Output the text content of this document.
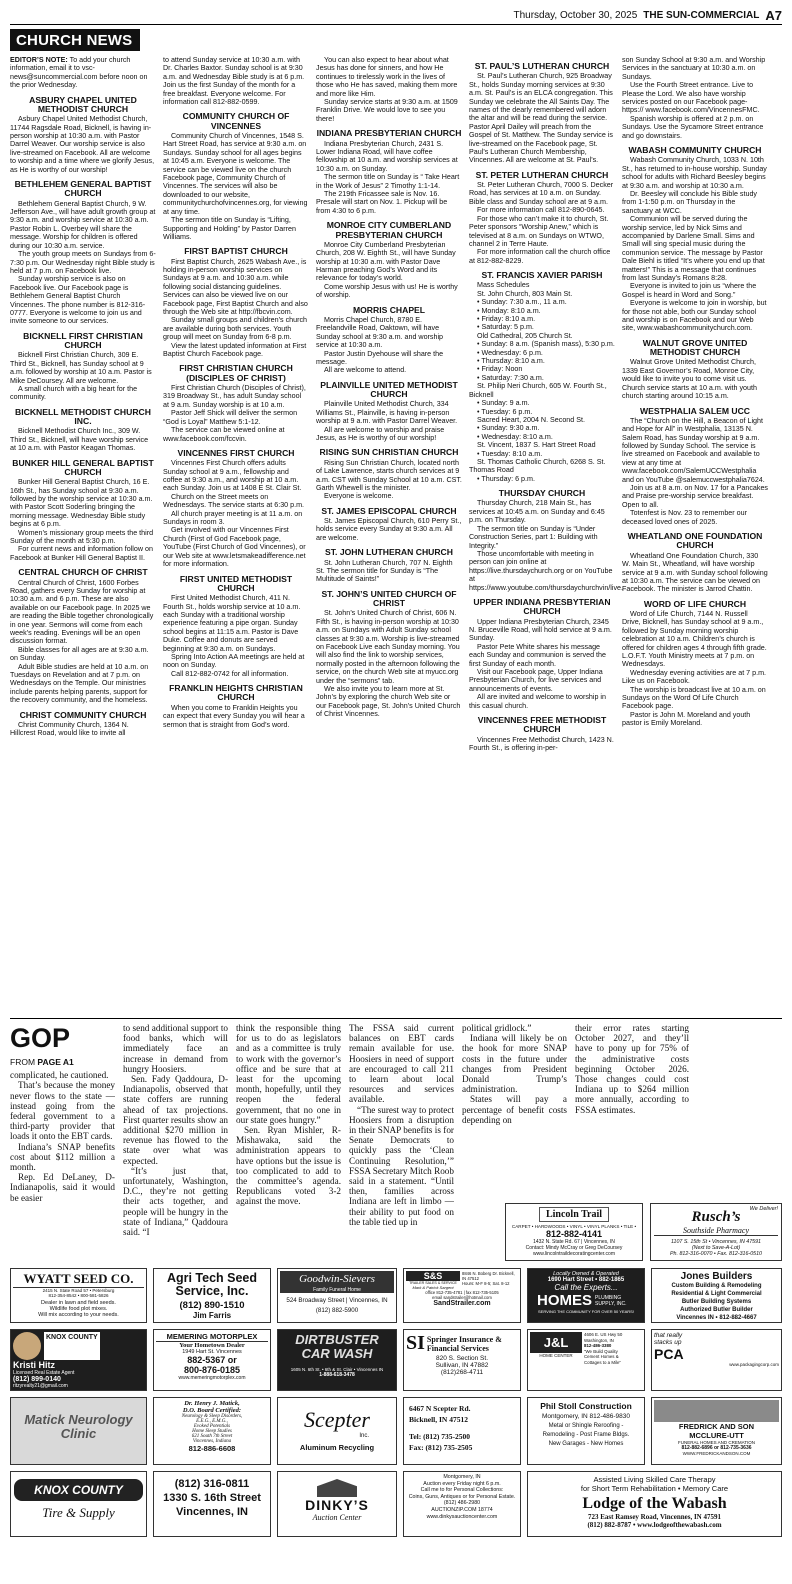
Thursday, October 30, 2025 THE SUN-COMMERCIAL A7
CHURCH NEWS

EDITOR’S NOTE: To add your church information, email it to vsc-news@suncommercial.com before noon on the prior Wednesday.

ASBURY CHAPEL UNITED METHODIST CHURCH

Asbury Chapel United Methodist Church, 11744 Ragsdale Road, Bicknell, is having in-person worship at 10:30 a.m. with Pastor Darrel Weaver. Our worship service is also live-streamed on Facebook. All are welcome to worship and a time where we glorify Jesus, as He is worthy of our worship!

BETHLEHEM GENERAL BAPTIST CHURCH

Bethlehem General Baptist Church, 9 W. Jefferson Ave., will have adult growth group at 9:30 a.m. and worship service at 10:30 a.m. Pastor Robin L. Overbey will share the message. Worship for children is offered during our 10:30 a.m. service.

The youth group meets on Sundays from 6-7:30 p.m. Our Wednesday night Bible study is held at 7 p.m. on Facebook live.

Sunday worship service is also on Facebook live. Our Facebook page is Bethlehem General Baptist Church Vincennes. The phone number is 812-316-0777. Everyone is welcome to join us and invite someone to our services.

BICKNELL FIRST CHRISTIAN CHURCH

Bicknell First Christian Church, 309 E. Third St., Bicknell, has Sunday school at 9 a.m. followed by worship at 10 a.m. Pastor is Mike DeCoursey. All are welcome.

A small church with a big heart for the community.

BICKNELL METHODIST CHURCH INC.

Bicknell Methodist Church Inc., 309 W. Third St., Bicknell, will have worship service at 10 a.m. with Pastor Keagan Thomas.

BUNKER HILL GENERAL BAPTIST CHURCH

Bunker Hill General Baptist Church, 16 E. 16th St., has Sunday school at 9:30 a.m. followed by the worship service at 10:30 a.m. with Pastor Scott Soderling bringing the morning message. Wednesday Bible study begins at 6 p.m.

Women’s missionary group meets the third Sunday of the month at 5:30 p.m.

For current news and information follow on Facebook at Bunker Hill General Baptist II.

CENTRAL CHURCH OF CHRIST

Central Church of Christ, 1600 Forbes Road, gathers every Sunday for worship at 10:30 a.m. and 6 p.m. These are also available on our Facebook page. In 2025 we are reading the Bible together chronologically in one year. Sermons will come from each week’s reading. Evenings will be an open discussion format.

Bible classes for all ages are at 9:30 a.m. on Sunday.

Adult Bible studies are held at 10 a.m. on Tuesdays on Revelation and at 7 p.m. on Wednesdays on the Temple. Our ministries include parents helping parents, support for the recovery community, and the homeless.

CHRIST COMMUNITY CHURCH

Christ Community Church, 1364 N. Hillcrest Road, would like to invite all

to attend Sunday service at 10:30 a.m. with Dr. Charles Baxtor. Sunday school is at 9:30 a.m. and Wednesday Bible study is at 6 p.m. Join us the first Sunday of the month for a free breakfast. Everyone welcome. For information call 812-882-0599.

COMMUNITY CHURCH OF VINCENNES

Community Church of Vincennes, 1548 S. Hart Street Road, has service at 9:30 a.m. on Sundays. Sunday school for all ages begins at 10:45 a.m. Everyone is welcome. The service can be viewed live on the church Facebook page, Community Church of Vincennes. The services will also be downloaded to our website, communitychurchofvincennes.org, for viewing at any time.

The sermon title on Sunday is “Lifting, Supporting and Holding” by Pastor Darren Williams.

FIRST BAPTIST CHURCH

First Baptist Church, 2625 Wabash Ave., is holding in-person worship services on Sundays at 9 a.m. and 10:30 a.m. while following social distancing guidelines. Services can also be viewed live on our Facebook page, First Baptist Church and also through the Web site at http://fbcvin.com.

Sunday small groups and children’s church are available during both services. Youth group will meet on Sunday from 6-8 p.m.

View the latest updated information at First Baptist Church Facebook page.

FIRST CHRISTIAN CHURCH (DISCIPLES OF CHRIST)

First Christian Church (Disciples of Christ), 319 Broadway St., has adult Sunday school at 9 a.m. Sunday worship is at 10 a.m.

Pastor Jeff Shick will deliver the sermon “God is Loyal” Matthew 5:1-12.

The service can be viewed online at www.facebook.com/fccvin.

VINCENNES FIRST CHURCH

Vincennes First Church offers adults Sunday school at 9 a.m., fellowship and coffee at 9:30 a.m., and worship at 10 a.m. each Sunday. Join us at 1408 E St. Clair St.

Church on the Street meets on Wednesdays. The service starts at 6:30 p.m.

All church prayer meeting is at 11 a.m. on Sundays in room 3.

Get involved with our Vincennes First Church (First of God Facebook page, YouTube (First Church of God Vincennes), or our Web site at www.letsmakeadifference.net for more information.

FIRST UNITED METHODIST CHURCH

First United Methodist Church, 411 N. Fourth St., holds worship service at 10 a.m. each Sunday with a traditional worship experience featuring a pipe organ. Sunday school begins at 11:15 a.m. Pastor is Dave Duke. Coffee and donuts are served beginning at 9:30 a.m. on Sundays.

Spring Into Action AA meetings are held at noon on Sunday.

Call 812-882-0742 for all information.

FRANKLIN HEIGHTS CHRISTIAN CHURCH

When you come to Franklin Heights you can expect that every Sunday you will hear a sermon that is straight from God’s word.

You can also expect to hear about what Jesus has done for sinners, and how He continues to tirelessly work in the lives of those who He has saved, making them more and more like Him.

Sunday service starts at 9:30 a.m. at 1509 Franklin Drive. We would love to see you there!

INDIANA PRESBYTERIAN CHURCH

Indiana Presbyterian Church, 2431 S. Lower Indiana Road, will have coffee fellowship at 10 a.m. and worship services at 10:30 a.m. on Sunday.

The sermon title on Sunday is “ Take Heart in the Work of Jesus” 2 Timothy 1:1-14.

The 219th Fricassee sale is Nov. 16. Presale will start on Nov. 1. Pickup will be from 4:30 to 6 p.m.

MONROE CITY CUMBERLAND PRESBYTERIAN CHURCH

Monroe City Cumberland Presbyterian Church, 208 W. Eighth St., will have Sunday worship at 10:30 a.m. with Pastor Dave Harman preaching God’s Word and its relevance for today’s world.

Come worship Jesus with us! He is worthy of worship.

MORRIS CHAPEL

Morris Chapel Church, 8780 E. Freelandville Road, Oaktown, will have Sunday school at 9:30 a.m. and worship service at 10:30 a.m.

Pastor Justin Dyehouse will share the message.

All are welcome to attend.

PLAINVILLE UNITED METHODIST CHURCH

Plainville United Methodist Church, 334 Williams St., Plainville, is having in-person worship at 9 a.m. with Pastor Darrel Weaver.

All are welcome to worship and praise Jesus, as He is worthy of our worship!

RISING SUN CHRISTIAN CHURCH

Rising Sun Christian Church, located north of Lake Lawrence, starts church services at 9 a.m. CST with Sunday School at 10 a.m. CST. Garth Whewell is the minister.

Everyone is welcome.

ST. JAMES EPISCOPAL CHURCH

St. James Episcopal Church, 610 Perry St., holds service every Sunday at 9:30 a.m. All are welcome.

ST. JOHN LUTHERAN CHURCH

St. John Lutheran Church, 707 N. Eighth St. The sermon title for Sunday is “The Multitude of Saints!”

ST. JOHN’S UNITED CHURCH OF CHRIST

St. John’s United Church of Christ, 606 N. Fifth St., is having in-person worship at 10:30 a.m. on Sundays with Adult Sunday school classes at 9:30 a.m. Worship is live-streamed on Facebook Live each Sunday morning. You will also find the link to worship services, normally posted in the afternoon following the service, on the church Web site at myucc.org under the “sermons” tab.

We also invite you to learn more at St. John’s by exploring the church Web site or our Facebook page, St. John’s United Church of Christ Vincennes.

ST. PAUL’S LUTHERAN CHURCH

St. Paul’s Lutheran Church, 925 Broadway St., holds Sunday morning services at 9:30 a.m. St. Paul’s is an ELCA congregation. This Sunday we celebrate the All Saints Day. The names of the dearly remembered will adorn the altar and will be read during the service. Pastor April Dailey will preach from the Gospel of St. Matthew. The Sunday service is live-streamed on the Facebook page, St. Paul’s Lutheran Church Membership, Vincennes. All are welcome at St. Paul’s.

ST. PETER LUTHERAN CHURCH

St. Peter Lutheran Church, 7000 S. Decker Road, has services at 10 a.m. on Sunday. Bible class and Sunday school are at 9 a.m.

For more information call 812-890-0645.

For those who can’t make it to church, St. Peter sponsors “Worship Anew,” which is televised at 8 a.m. on Sundays on WTWO, channel 2 in Terre Haute.

For more information call the church office at 812-882-8229.

ST. FRANCIS XAVIER PARISH

Mass Schedules

St. John Church, 803 Main St.

• Sunday: 7:30 a.m., 11 a.m.
• Monday: 8:10 a.m.
• Friday: 8:10 a.m.
• Saturday: 5 p.m.

Old Cathedral, 205 Church St.

• Sunday: 8 a.m. (Spanish mass), 5:30 p.m.
• Wednesday: 6 p.m.
• Thursday: 8:10 a.m.
• Friday: Noon
• Saturday: 7:30 a.m.

St. Philip Neri Church, 605 W. Fourth St., Bicknell

• Sunday: 9 a.m.
• Tuesday: 6 p.m.

Sacred Heart, 2004 N. Second St.

• Sunday: 9:30 a.m.
• Wednesday: 8:10 a.m.

St. Vincent, 1837 S. Hart Street Road

• Tuesday: 8:10 a.m.

St. Thomas Catholic Church, 6268 S. St. Thomas Road

• Thursday: 6 p.m.
THURSDAY CHURCH

Thursday Church, 218 Main St., has services at 10:45 a.m. on Sunday and 6:45 p.m. on Thursday.

The sermon title on Sunday is “Under Construction Series, part 1: Building with Integrity.”

Those uncomfortable with meeting in person can join online at https://live.thursdaychurch.org or on YouTube at https://www.youtube.com/thursdaychurchvin/live.

UPPER INDIANA PRESBYTERIAN CHURCH

Upper Indiana Presbyterian Church, 2345 N. Bruceville Road, will hold service at 9 a.m. Sunday.

Pastor Pete White shares his message each Sunday and communion is served the first Sunday of each month.

Visit our Facebook page, Upper Indiana Presbyterian Church, for live services and announcements of events.

All are invited and welcome to worship in this casual church.

VINCENNES FREE METHODIST CHURCH

Vincennes Free Methodist Church, 1423 N. Fourth St., is offering in-per-

son Sunday School at 9:30 a.m. and Worship Services in the sanctuary at 10:30 a.m. on Sundays.

Use the Fourth Street entrance. Live to Please the Lord. We also have worship services posted on our Facebook page-https:// www.facebook.com/VincennesFMC.

Spanish worship is offered at 2 p.m. on Sundays. Use the Sycamore Street entrance and go downstairs.

WABASH COMMUNITY CHURCH

Wabash Community Church, 1033 N. 10th St., has returned to in-house worship. Sunday school for adults with Richard Beesley begins at 9:30 a.m. and worship at 10:30 a.m.

Dr. Beesley will conclude his Bible study from 1-1:50 p.m. on Thursday in the sanctuary at WCC.

Communion will be served during the worship service, led by Nick Sims and accompanied by Darlene Small. Sims and Small will sing special music during the communion service. The message by Pastor Dale Biehl is titled “It’s where you end up that matters!” This is a message that continues from last Sunday’s Romans 8:28.

Everyone is invited to join us “where the Gospel is heard in Word and Song.”

Everyone is welcome to join in worship, but for those not able, both our Sunday school and worship is on Facebook and our Web site, www.wabashcommunitychurch.com.

WALNUT GROVE UNITED METHODIST CHURCH

Walnut Grove United Methodist Church, 1339 East Governor’s Road, Monroe City, would like to invite you to come visit us. Church service starts at 10 a.m. with youth church starting around 10:15 a.m.

WESTPHALIA SALEM UCC

The “Church on the Hill, a Beacon of Light and Hope for All” in Westphalia, 13135 N. Salem Road, has Sunday worship at 9 a.m. followed by Sunday School. The service is live streamed on Facebook and available to view at any time at www.facebook.com/SalemUCCWestphalia and on YouTube @salemuccwestphalia7624.

Join us at 8 a.m. on Nov. 17 for a Pancakes and Praise pre-worship service breakfast. Open to all.

Totenfest is Nov. 23 to remember our deceased loved ones of 2025.

WHEATLAND ONE FOUNDATION CHURCH

Wheatland One Foundation Church, 330 W. Main St., Wheatland, will have worship service at 9 a.m. with Sunday school following at 10:30 a.m. The service can be viewed on Facebook. The minister is Jarrod Chattin.

WORD OF LIFE CHURCH

Word of Life Church, 7144 N. Russell Drive, Bicknell, has Sunday school at 9 a.m., followed by Sunday morning worship celebration at 10 a.m. Children’s church is offered for children ages 4 through fifth grade. L.O.F.T. Youth Ministry meets at 7 p.m. on Wednesdays.

Wednesday evening activities are at 7 p.m. Like us on Facebook.

The worship is broadcast live at 10 a.m. on Sundays on the Word Of Life Church Facebook page.

Pastor is John M. Moreland and youth pastor is Emily Moreland.

GOP
FROM PAGE A1

complicated, he cautioned.

That’s because the money never flows to the state — instead going from the federal government to a third-party provider that loads it onto the EBT cards.

Indiana’s SNAP benefits cost about $112 million a month.

Rep. Ed DeLaney, D-Indianapolis, said it would be easier

to send additional support to food banks, which will immediately face an increase in demand from hungry Hoosiers.

Sen. Fady Qaddoura, D-Indianapolis, observed that state coffers are running ahead of tax projections. First quarter results show an additional $270 million in revenue has flowed to the state over what was expected.

“It’s just that, unfortunately, Washington, D.C., they’re not getting their acts together, and people will be hungry in the state of Indiana,” Qaddoura said. “I

think the responsible thing for us to do as legislators and as a committee is truly to work with the governor’s office and be sure that at least for the upcoming month, hopefully, until they reopen the federal government, that no one in our state goes hungry.”

Sen. Ryan Mishler, R-Mishawaka, said the administration appears to have options but the issue is too complicated to add to the committee’s agenda. Republicans voted 3-2 against the move.

The FSSA said current balances on EBT cards remain available for use. Hoosiers in need of support are encouraged to call 211 to learn about local resources and services available.

“The surest way to protect Hoosiers from a disruption in their SNAP benefits is for Senate Democrats to quickly pass the ‘Clean Continuing Resolution,’” FSSA Secretary Mitch Roob said in a statement. “Until then, families across Indiana are left in limbo — their ability to put food on the table tied up in

political gridlock.”

Indiana will likely be on the hook for more SNAP costs in the future under changes from President Donald Trump’s administration.

States will pay a percentage of benefit costs depending on

their error rates starting October 2027, and they’ll have to pony up for 75% of the administrative costs beginning October 2026. Those changes could cost Indiana up to $264 million more annually, according to FSSA estimates.

Lincoln Trail
CARPET • HARDWOODS • VINYL • VINYL PLANKS • TILE •
812-882-4141
1432 N. State Rd. 67 | Vincennes, IN
Contact: Mindy McCray or Greg DeCoursey
www.lincolntraildecoratingcenter.com
We Deliver!
Rusch’s
Southside Pharmacy
1107 S. 15th St • Vincennes, IN 47591
(Next to Save-A-Lot)
Ph. 812-316-0070 • Fax. 812-316-0510
WYATT SEED CO.
2415 N. State Road 57 • Petersburg
812-354-8542 • 800-581-5826
Dealer in lawn and field seeds.
Wildlife food plot mixes.
Will mix according to your needs.
Agri Tech Seed Service, Inc.
(812) 890-1510
Jim Farris
Goodwin-Sievers
Family Funeral Home
524 Broadway Street | Vincennes, IN
(812) 882-5900
S&S
TRAILER SALES & SERVICE
Mark & Patrick Sargent
8846 N. Boberg Dr. Bicknell, IN 47512
Hours: M-F 8-5; Sat. 8-12
office 812-735-4781 | fax 812-735-5105
email sandstrailer@hotmail.com
SandStrailer.com
Locally Owned & Operated
1690 Hart Street • 882-1865
Call the Experts...
HOMES PLUMBING SUPPLY, INC.
SERVING THE COMMUNITY FOR OVER 50 YEARS!
Jones Builders
Custom Building & Remodeling
Residential & Light Commercial
Butler Building Systems
Authorized Butler Builder
Vincennes IN • 812-882-4667
KNOX COUNTY
Kristi Hitz
Licensed Real Estate Agent
(812) 899-0140
ritzyrealty21@gmail.com
MEMERING MOTORPLEX
Your Hometown Dealer
1949 Hart St. Vincennes
882-5367 or
800-876-0185
www.memeringmotorplex.com
DIRTBUSTER CAR WASH
1605 N. 6th St. • 6th & St. Clair • Vincennes IN
1-888-618-3478
SI Springer Insurance & Financial Services
820 S. Section St.
Sullivan, IN 47882
(812)268-4711
J&L
HOME CENTER
4606 E. US Hwy 50
Washington, IN
812-486-3380
“We Build Quality
Cement Homes &
Cottages to a Mile”
that really
stacks up
PCA
www.packagingcorp.com
Matick Neurology Clinic
Dr. Henry J. Matick,
D.O. Board Certified:
Neurology & Sleep Disorders,
E.E.G., E.M.G.,
Evoked Potentials
Home Sleep Studies
621 South 7th Street
Vincennes, Indiana
812-886-6608
Scepter
Inc.
Aluminum Recycling
6467 N Scepter Rd.
Bicknell, IN 47512
Tel: (812) 735-2500
Fax: (812) 735-2505
Phil Stoll Construction
Montgomery, IN 812-486-9830
Metal or Shingle Reroofing -
Remodeling - Post Frame Bldgs.
New Garages - New Homes
FREDRICK AND SON
MCCLURE-UTT
FUNERAL HOMES AND CREMATION
812-882-6896 or 812-735-3636
WWW.FREDRICKANDSON.COM
KNOX COUNTY
Tire & Supply
(812) 316-0811
1330 S. 16th Street
Vincennes, IN	DINKY’S
Auction Center
Montgomery, IN
Auction every Friday night 6 p.m.
Call me to for Personal Collections:
Coins, Guns, Antiques or for Personal Estate.
(812) 486-2980
AUCTIONZIP.COM 18774
www.dinkysauctioncenter.com
Assisted Living Skilled Care Therapy
for Short Term Rehabilitation • Memory Care
Lodge of the Wabash
723 East Ramsey Road, Vincennes, IN 47591
(812) 882-8787 • www.lodgeofthewabash.com
